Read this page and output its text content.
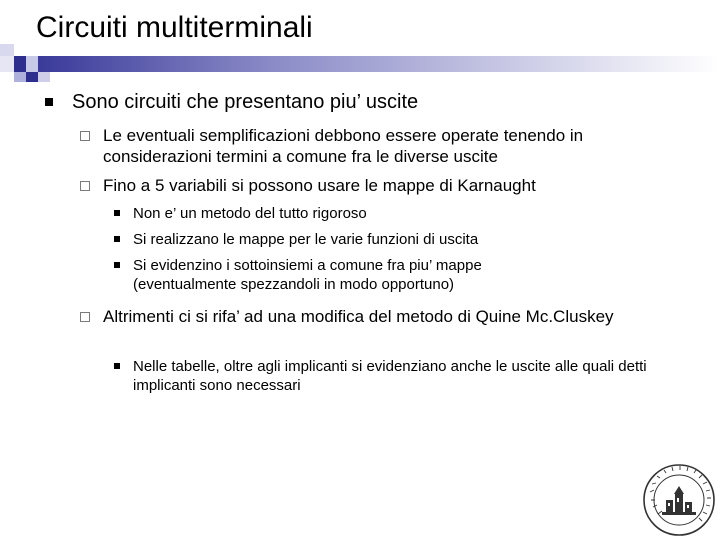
Circuiti multiterminali

Sono circuiti che presentano piu’ uscite

Le eventuali semplificazioni debbono essere operate tenendo in considerazioni termini a comune fra le diverse uscite

Fino a 5 variabili si possono usare le mappe di Karnaught

Non e’ un metodo del tutto rigoroso

Si realizzano le mappe per le varie funzioni di uscita

Si evidenzino i sottoinsiemi a comune fra piu’ mappe (eventualmente spezzandoli in modo opportuno)

Altrimenti ci si rifa’ ad una modifica del metodo di Quine Mc.Cluskey

Nelle tabelle, oltre agli implicanti si evidenziano anche le uscite alle quali detti implicanti sono necessari
